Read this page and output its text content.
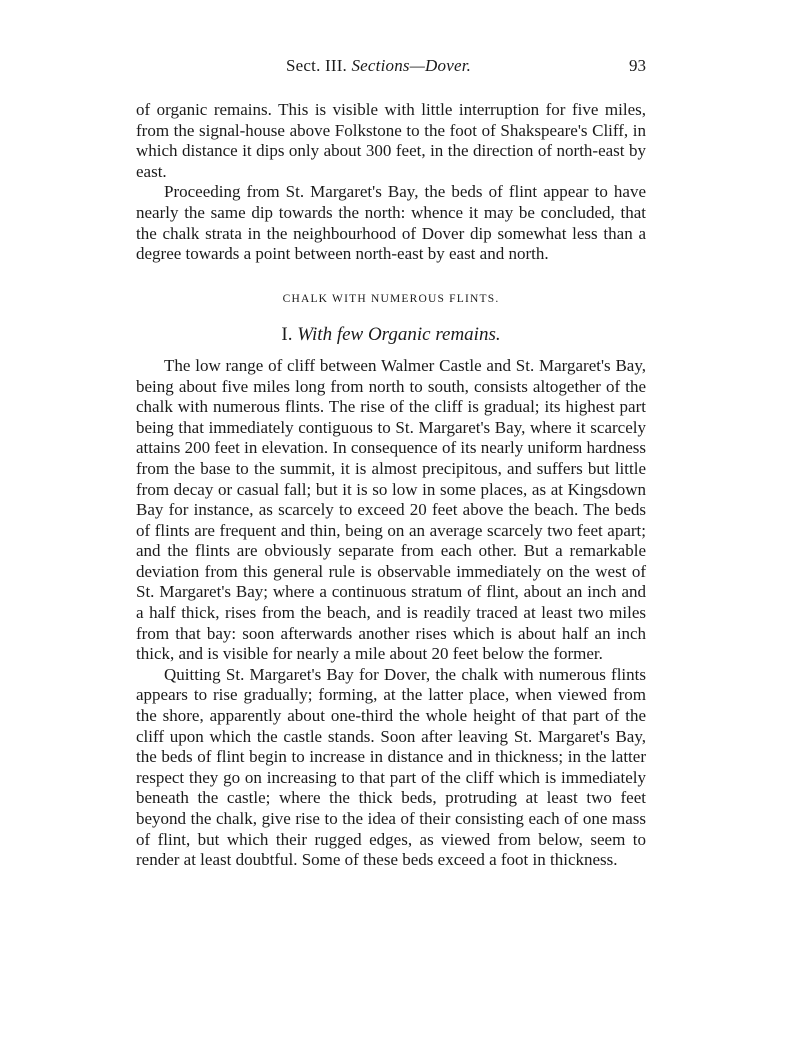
Sect. III. Sections—Dover.	93

of organic remains. This is visible with little interruption for five miles, from the signal-house above Folkstone to the foot of Shakspeare's Cliff, in which distance it dips only about 300 feet, in the direction of north-east by east.

Proceeding from St. Margaret's Bay, the beds of flint appear to have nearly the same dip towards the north: whence it may be concluded, that the chalk strata in the neighbourhood of Dover dip somewhat less than a degree towards a point between north-east by east and north.

CHALK WITH NUMEROUS FLINTS.
I. With few Organic remains.

The low range of cliff between Walmer Castle and St. Margaret's Bay, being about five miles long from north to south, consists altogether of the chalk with numerous flints. The rise of the cliff is gradual; its highest part being that immediately contiguous to St. Margaret's Bay, where it scarcely attains 200 feet in elevation. In consequence of its nearly uniform hardness from the base to the summit, it is almost precipitous, and suffers but little from decay or casual fall; but it is so low in some places, as at Kingsdown Bay for instance, as scarcely to exceed 20 feet above the beach. The beds of flints are frequent and thin, being on an average scarcely two feet apart; and the flints are obviously separate from each other. But a remarkable deviation from this general rule is observable immediately on the west of St. Margaret's Bay; where a continuous stratum of flint, about an inch and a half thick, rises from the beach, and is readily traced at least two miles from that bay: soon afterwards another rises which is about half an inch thick, and is visible for nearly a mile about 20 feet below the former.

Quitting St. Margaret's Bay for Dover, the chalk with numerous flints appears to rise gradually; forming, at the latter place, when viewed from the shore, apparently about one-third the whole height of that part of the cliff upon which the castle stands. Soon after leaving St. Margaret's Bay, the beds of flint begin to increase in distance and in thickness; in the latter respect they go on increasing to that part of the cliff which is immediately beneath the castle; where the thick beds, protruding at least two feet beyond the chalk, give rise to the idea of their consisting each of one mass of flint, but which their rugged edges, as viewed from below, seem to render at least doubtful. Some of these beds exceed a foot in thickness.
